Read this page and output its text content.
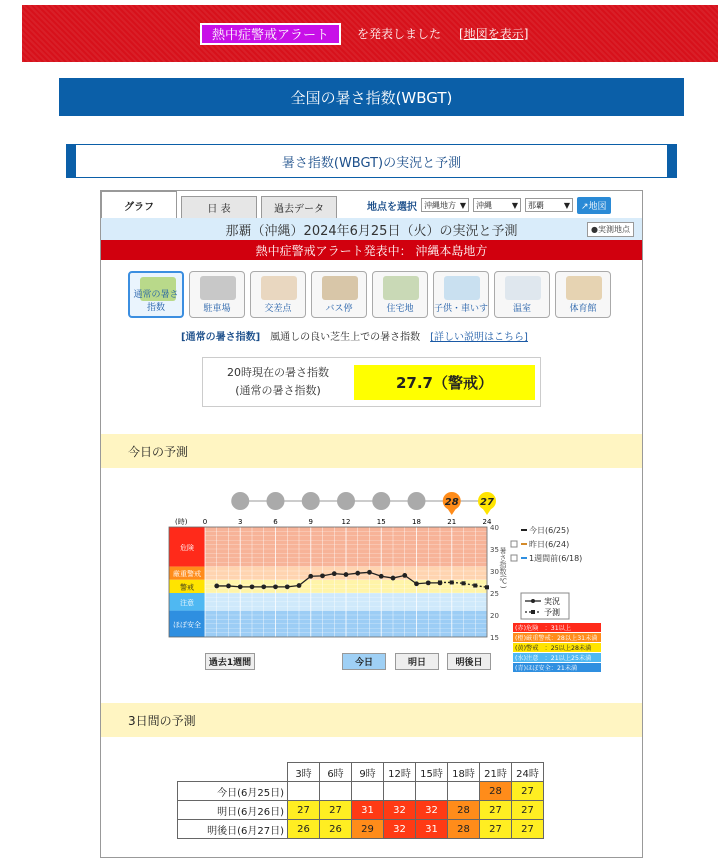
熱中症警戒アラート	を発表しました [地図を表示]
全国の暑さ指数(WBGT)
暑さ指数(WBGT)の実況と予測
グラフ	日 表	過去データ	地点を選択 沖縄地方 ▼ 沖縄 ▼ 那覇 ▼	↗地図
那覇（沖縄）2024年6月25日（火）の実況と予測	●実測地点
熱中症警戒アラート発表中： 沖縄本島地方
通常の暑さ指数	駐車場	交差点	バス停	住宅地	子供・車いす	温室	体育館
[通常の暑さ指数] 風通しの良い芝生上での暑さ指数 [詳しい説明はこちら]
20時現在の暑さ指数
(通常の暑さ指数)	27.7（警戒）
今日の予測
危険
厳重警戒
警戒
注意
ほぼ安全
(時) 0	3	6	9	12	15	18	21	24
15
20
25
30
35
40
暑さ指数(℃)
28 27
今日(6/25)
昨日(6/24)
1週間前(6/18)
実況
予測
(赤)危険　：31以上
(橙)厳重警戒：28以上31未満
(黄)警戒　：25以上28未満
(水)注意　：21以上25未満
(青)ほぼ安全：21未満
過去1週間	今日	明日	明後日
3日間の予測
	3時	6時	9時	12時	15時	18時	21時	24時
今日(6月25日)							28	27
明日(6月26日)	27	27	31	32	32	28	27	27
明後日(6月27日)	26	26	29	32	31	28	27	27
